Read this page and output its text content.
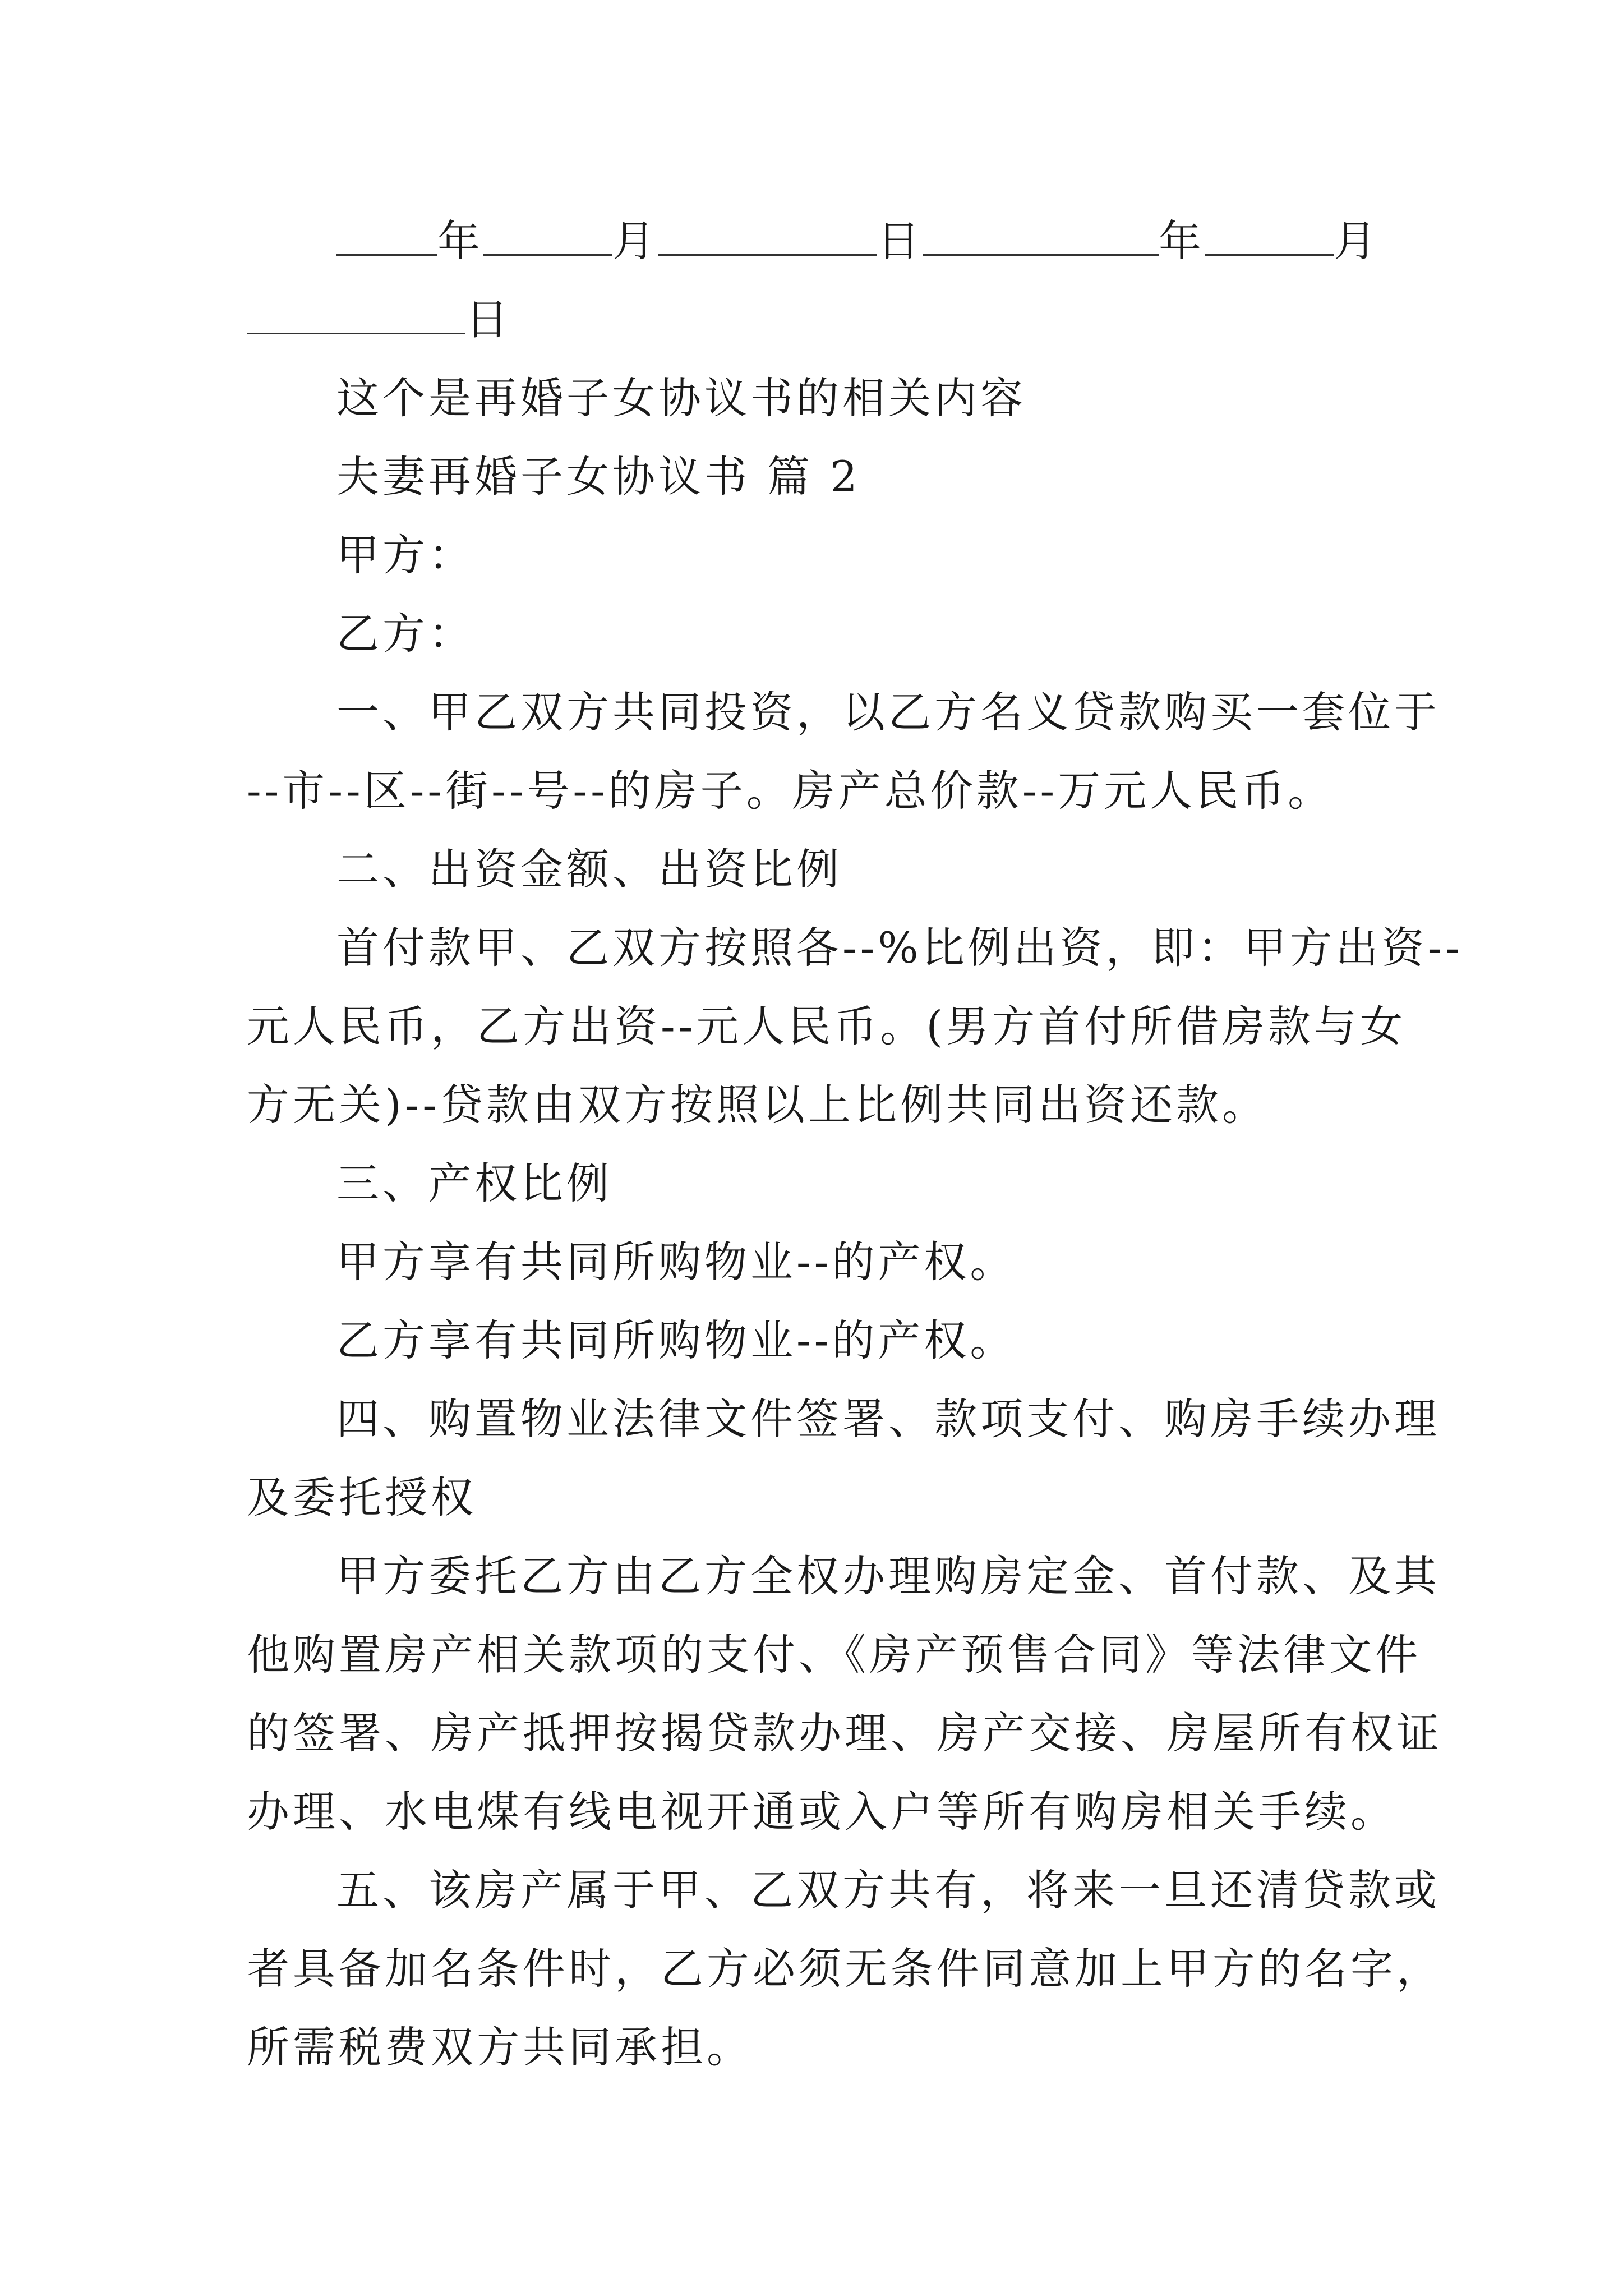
年	月	日	年	月
日
这个是再婚子女协议书的相关内容
夫妻再婚子女协议书 篇 2
甲方：
乙方：
一、甲乙双方共同投资，以乙方名义贷款购买一套位于
--市--区--街--号--的房子。房产总价款--万元人民币。
二、出资金额、出资比例
首付款甲、乙双方按照各--%比例出资，即：甲方出资--
元人民币，乙方出资--元人民币。(男方首付所借房款与女
方无关)--贷款由双方按照以上比例共同出资还款。
三、产权比例
甲方享有共同所购物业--的产权。
乙方享有共同所购物业--的产权。
四、购置物业法律文件签署、款项支付、购房手续办理
及委托授权
甲方委托乙方由乙方全权办理购房定金、首付款、及其
他购置房产相关款项的支付、《房产预售合同》等法律文件
的签署、房产抵押按揭贷款办理、房产交接、房屋所有权证
办理、水电煤有线电视开通或入户等所有购房相关手续。
五、该房产属于甲、乙双方共有，将来一旦还清贷款或
者具备加名条件时，乙方必须无条件同意加上甲方的名字，
所需税费双方共同承担。
